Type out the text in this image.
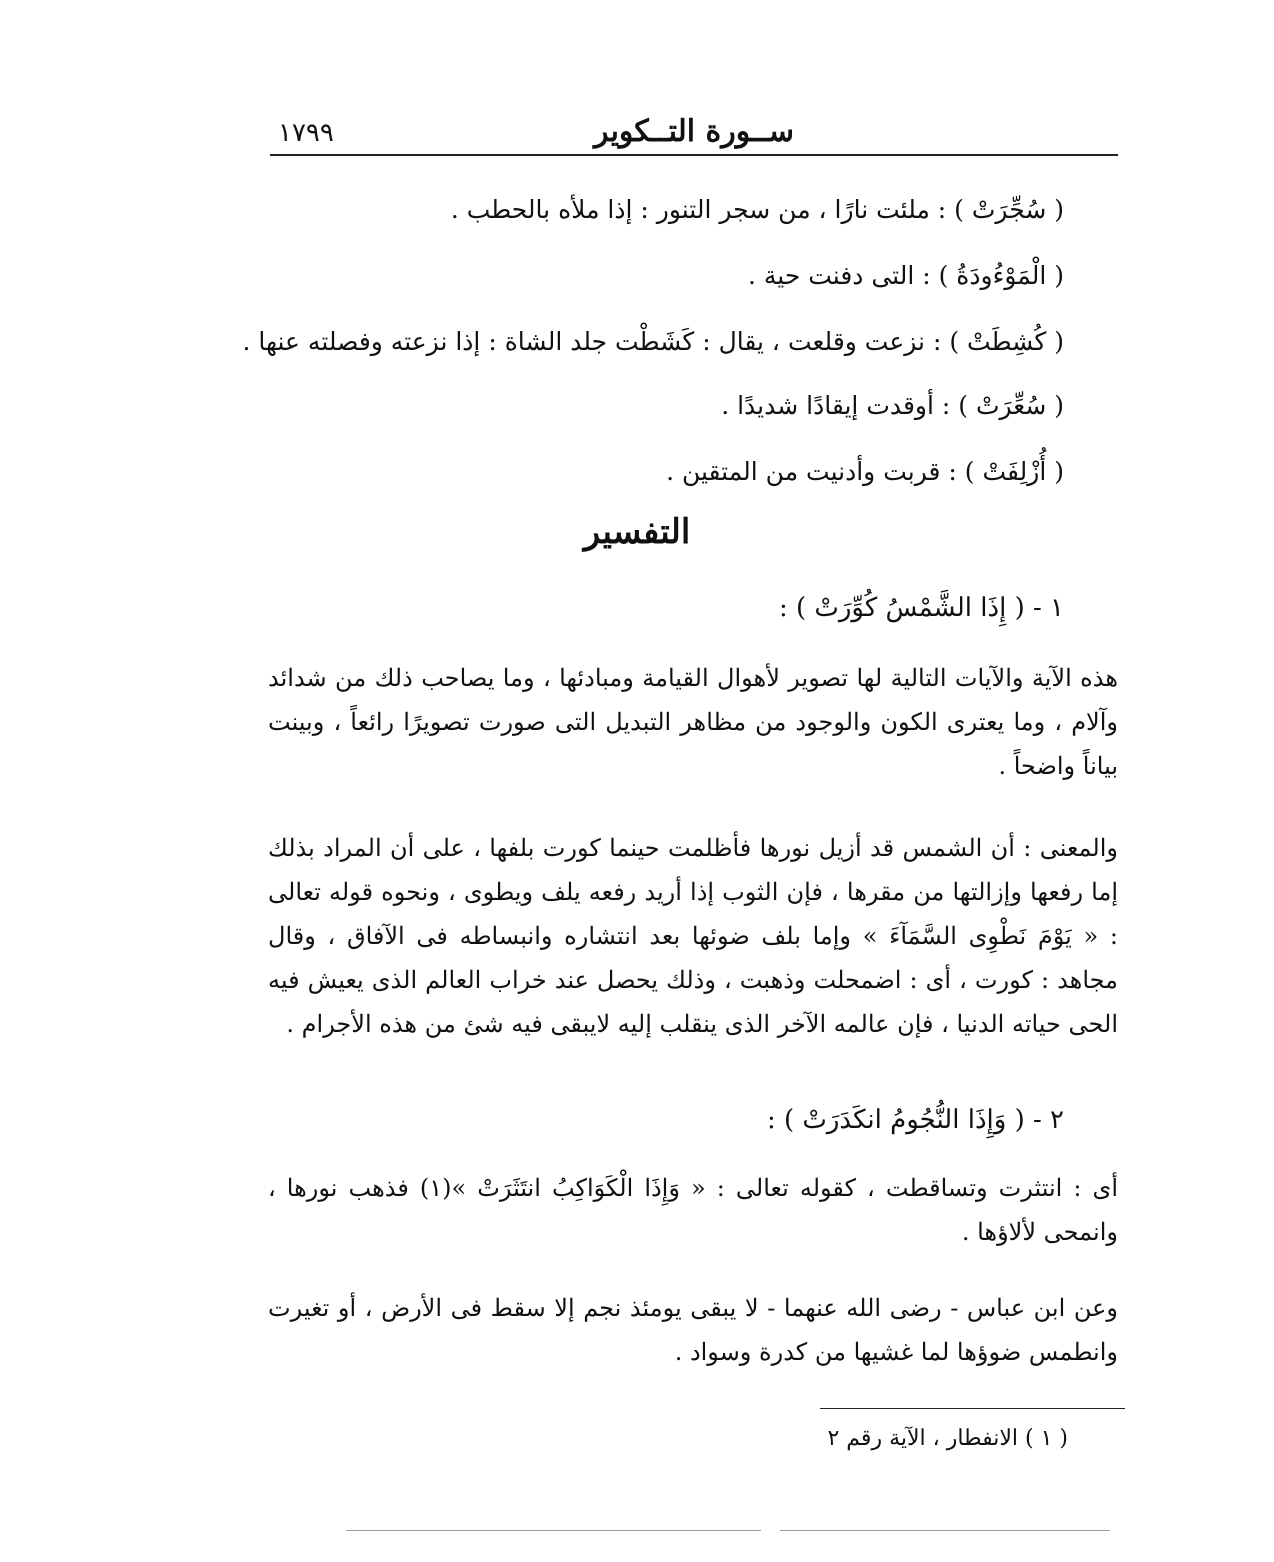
١٧٩٩	ســورة التــكوير
( سُجِّرَتْ ) : ملئت نارًا ، من سجر التنور : إذا ملأه بالحطب .
( الْمَوْءُودَةُ ) : التى دفنت حية .
( كُشِطَتْ ) : نزعت وقلعت ، يقال : كَشَطْت جلد الشاة : إذا نزعته وفصلته عنها .
( سُعِّرَتْ ) : أوقدت إيقادًا شديدًا .
( أُزْلِفَتْ ) : قربت وأدنيت من المتقين .
التفسير
١ - ( إِذَا الشَّمْسُ كُوِّرَتْ ) :
هذه الآية والآيات التالية لها تصوير لأهوال القيامة ومبادئها ، وما يصاحب ذلك من شدائد وآلام ، وما يعترى الكون والوجود من مظاهر التبديل التى صورت تصويرًا رائعاً ، وبينت بياناً واضحاً .
والمعنى : أن الشمس قد أزيل نورها فأظلمت حينما كورت بلفها ، على أن المراد بذلك إما رفعها وإزالتها من مقرها ، فإن الثوب إذا أريد رفعه يلف ويطوى ، ونحوه قوله تعالى : « يَوْمَ نَطْوِى السَّمَآءَ » وإما بلف ضوئها بعد انتشاره وانبساطه فى الآفاق ، وقال مجاهد : كورت ، أى : اضمحلت وذهبت ، وذلك يحصل عند خراب العالم الذى يعيش فيه الحى حياته الدنيا ، فإن عالمه الآخر الذى ينقلب إليه لايبقى فيه شئ من هذه الأجرام .
٢ - ( وَإِذَا النُّجُومُ انكَدَرَتْ ) :
أى : انتثرت وتساقطت ، كقوله تعالى : « وَإِذَا الْكَوَاكِبُ انتَثَرَتْ »(١) فذهب نورها ، وانمحى لألاؤها .
وعن ابن عباس - رضى الله عنهما - لا يبقى يومئذ نجم إلا سقط فى الأرض ، أو تغيرت وانطمس ضوؤها لما غشيها من كدرة وسواد .
( ١ ) الانفطار ، الآية رقم ٢
